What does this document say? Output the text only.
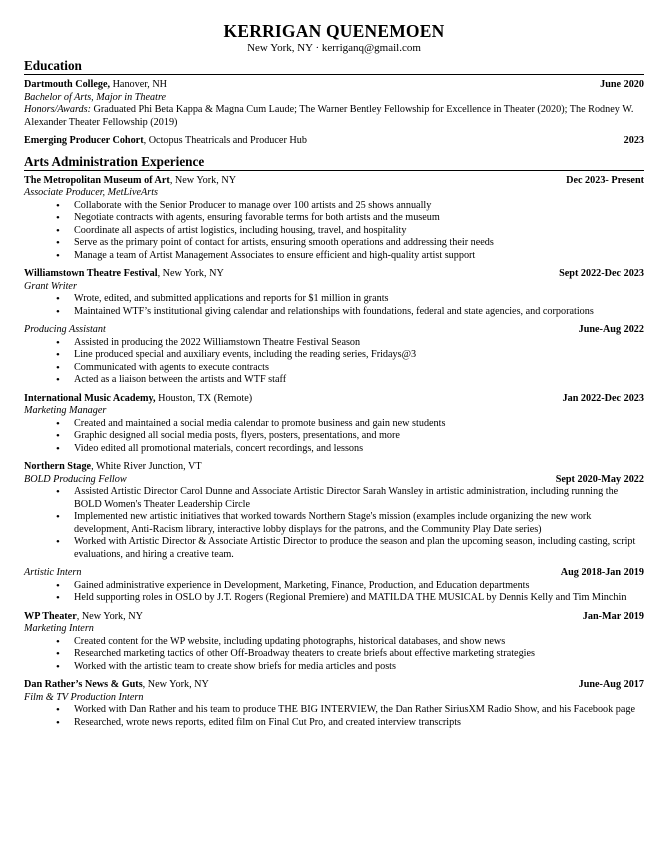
KERRIGAN QUENEMOEN
New York, NY · kerriganq@gmail.com
Education
Dartmouth College, Hanover, NH	June 2020
Bachelor of Arts, Major in Theatre
Honors/Awards: Graduated Phi Beta Kappa & Magna Cum Laude; The Warner Bentley Fellowship for Excellence in Theater (2020); The Rodney W. Alexander Theater Fellowship (2019)
Emerging Producer Cohort, Octopus Theatricals and Producer Hub	2023
Arts Administration Experience
The Metropolitan Museum of Art, New York, NY	Dec 2023- Present
Associate Producer, MetLiveArts
• Collaborate with the Senior Producer to manage over 100 artists and 25 shows annually
• Negotiate contracts with agents, ensuring favorable terms for both artists and the museum
• Coordinate all aspects of artist logistics, including housing, travel, and hospitality
• Serve as the primary point of contact for artists, ensuring smooth operations and addressing their needs
• Manage a team of Artist Management Associates to ensure efficient and high-quality artist support
Williamstown Theatre Festival, New York, NY	Sept 2022-Dec 2023
Grant Writer
• Wrote, edited, and submitted applications and reports for $1 million in grants
• Maintained WTF’s institutional giving calendar and relationships with foundations, federal and state agencies, and corporations
Producing Assistant	June-Aug 2022
• Assisted in producing the 2022 Williamstown Theatre Festival Season
• Line produced special and auxiliary events, including the reading series, Fridays@3
• Communicated with agents to execute contracts
• Acted as a liaison between the artists and WTF staff
International Music Academy, Houston, TX (Remote)	Jan 2022-Dec 2023
Marketing Manager
• Created and maintained a social media calendar to promote business and gain new students
• Graphic designed all social media posts, flyers, posters, presentations, and more
• Video edited all promotional materials, concert recordings, and lessons
Northern Stage, White River Junction, VT
BOLD Producing Fellow	Sept 2020-May 2022
• Assisted Artistic Director Carol Dunne and Associate Artistic Director Sarah Wansley in artistic administration, including running the BOLD Women's Theater Leadership Circle
• Implemented new artistic initiatives that worked towards Northern Stage's mission (examples include organizing the new work development, Anti-Racism library, interactive lobby displays for the patrons, and the Community Play Date series)
• Worked with Artistic Director & Associate Artistic Director to produce the season and plan the upcoming season, including casting, script evaluations, and hiring a creative team.
Artistic Intern	Aug 2018-Jan 2019
• Gained administrative experience in Development, Marketing, Finance, Production, and Education departments
• Held supporting roles in OSLO by J.T. Rogers (Regional Premiere) and MATILDA THE MUSICAL by Dennis Kelly and Tim Minchin
WP Theater, New York, NY	Jan-Mar 2019
Marketing Intern
• Created content for the WP website, including updating photographs, historical databases, and show news
• Researched marketing tactics of other Off-Broadway theaters to create briefs about effective marketing strategies
• Worked with the artistic team to create show briefs for media articles and posts
Dan Rather’s News & Guts, New York, NY	June-Aug 2017
Film & TV Production Intern
• Worked with Dan Rather and his team to produce THE BIG INTERVIEW, the Dan Rather SiriusXM Radio Show, and his Facebook page
• Researched, wrote news reports, edited film on Final Cut Pro, and created interview transcripts
